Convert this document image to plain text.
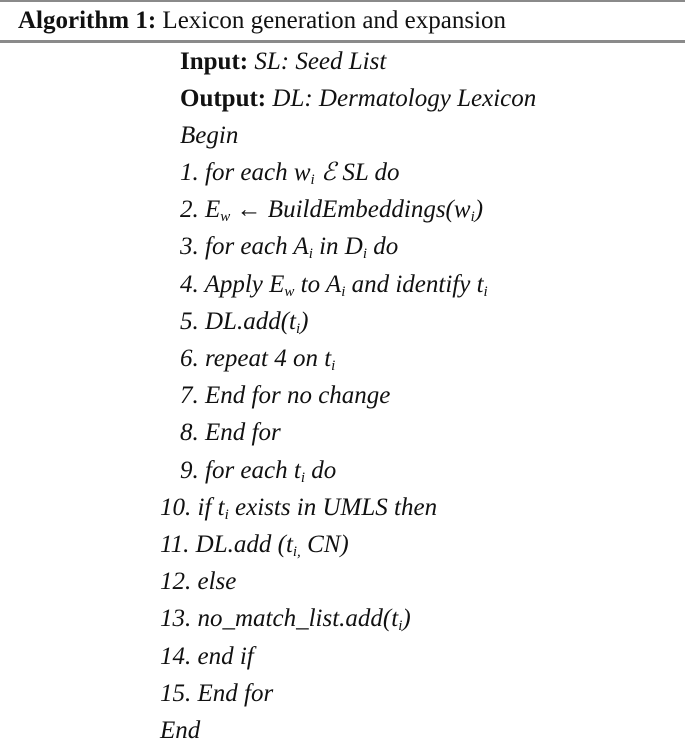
Algorithm 1: Lexicon generation and expansion
Input: SL: Seed List
Output: DL: Dermatology Lexicon
Begin
1. for each $w_i$ ℰ SL do
2. $E_w$ ← $BuildEmbeddings(w_i)$
3. for each $A_i$ in $D_i$ do
4. Apply $E_w$ to $A_i$ and identify $t_i$
5. $DL.add(t_i)$
6. repeat 4 on $t_i$
7. End for no change
8. End for
9. for each $t_i$ do
10. if $t_i$ exists in UMLS then
11. DL.add ($t_{i,}$ CN)
12. else
13. $no\_match\_list.add(t_i)$
14. end if
15. End for
End
